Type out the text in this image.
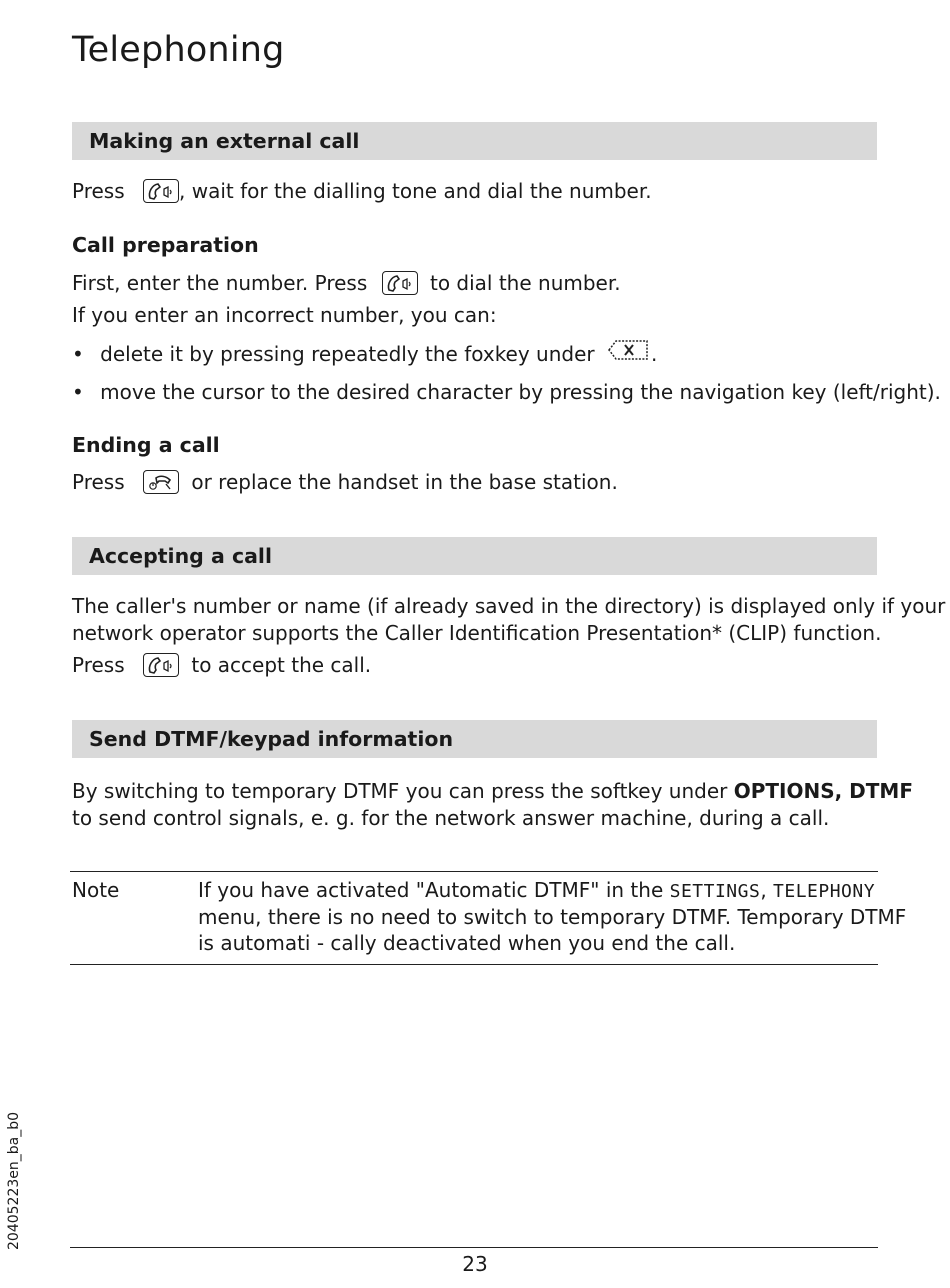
Telephoning
Making an external call

Press	, wait for the dialling tone and dial the number.

Call preparation

First, enter the number. Press	to dial the number.

If you enter an incorrect number, you can:

• delete it by pressing repeatedly the foxkey under	.

• move the cursor to the desired character by pressing the navigation key (left/right).

Ending a call

Press	or replace the handset in the base station.

Accepting a call

The caller's number or name (if already saved in the directory) is displayed only if your

network operator supports the Caller Identification Presentation* (CLIP) function.

Press	to accept the call.

Send DTMF/keypad information

By switching to temporary DTMF you can press the softkey under OPTIONS, DTMF

to send control signals, e. g. for the network answer machine, during a call.

Note	If you have activated "Automatic DTMF" in the SETTINGS, TELEPHONY

menu, there is no need to switch to temporary DTMF. Temporary DTMF

is automati - cally deactivated when you end the call.

20405223en_ba_b0
23
